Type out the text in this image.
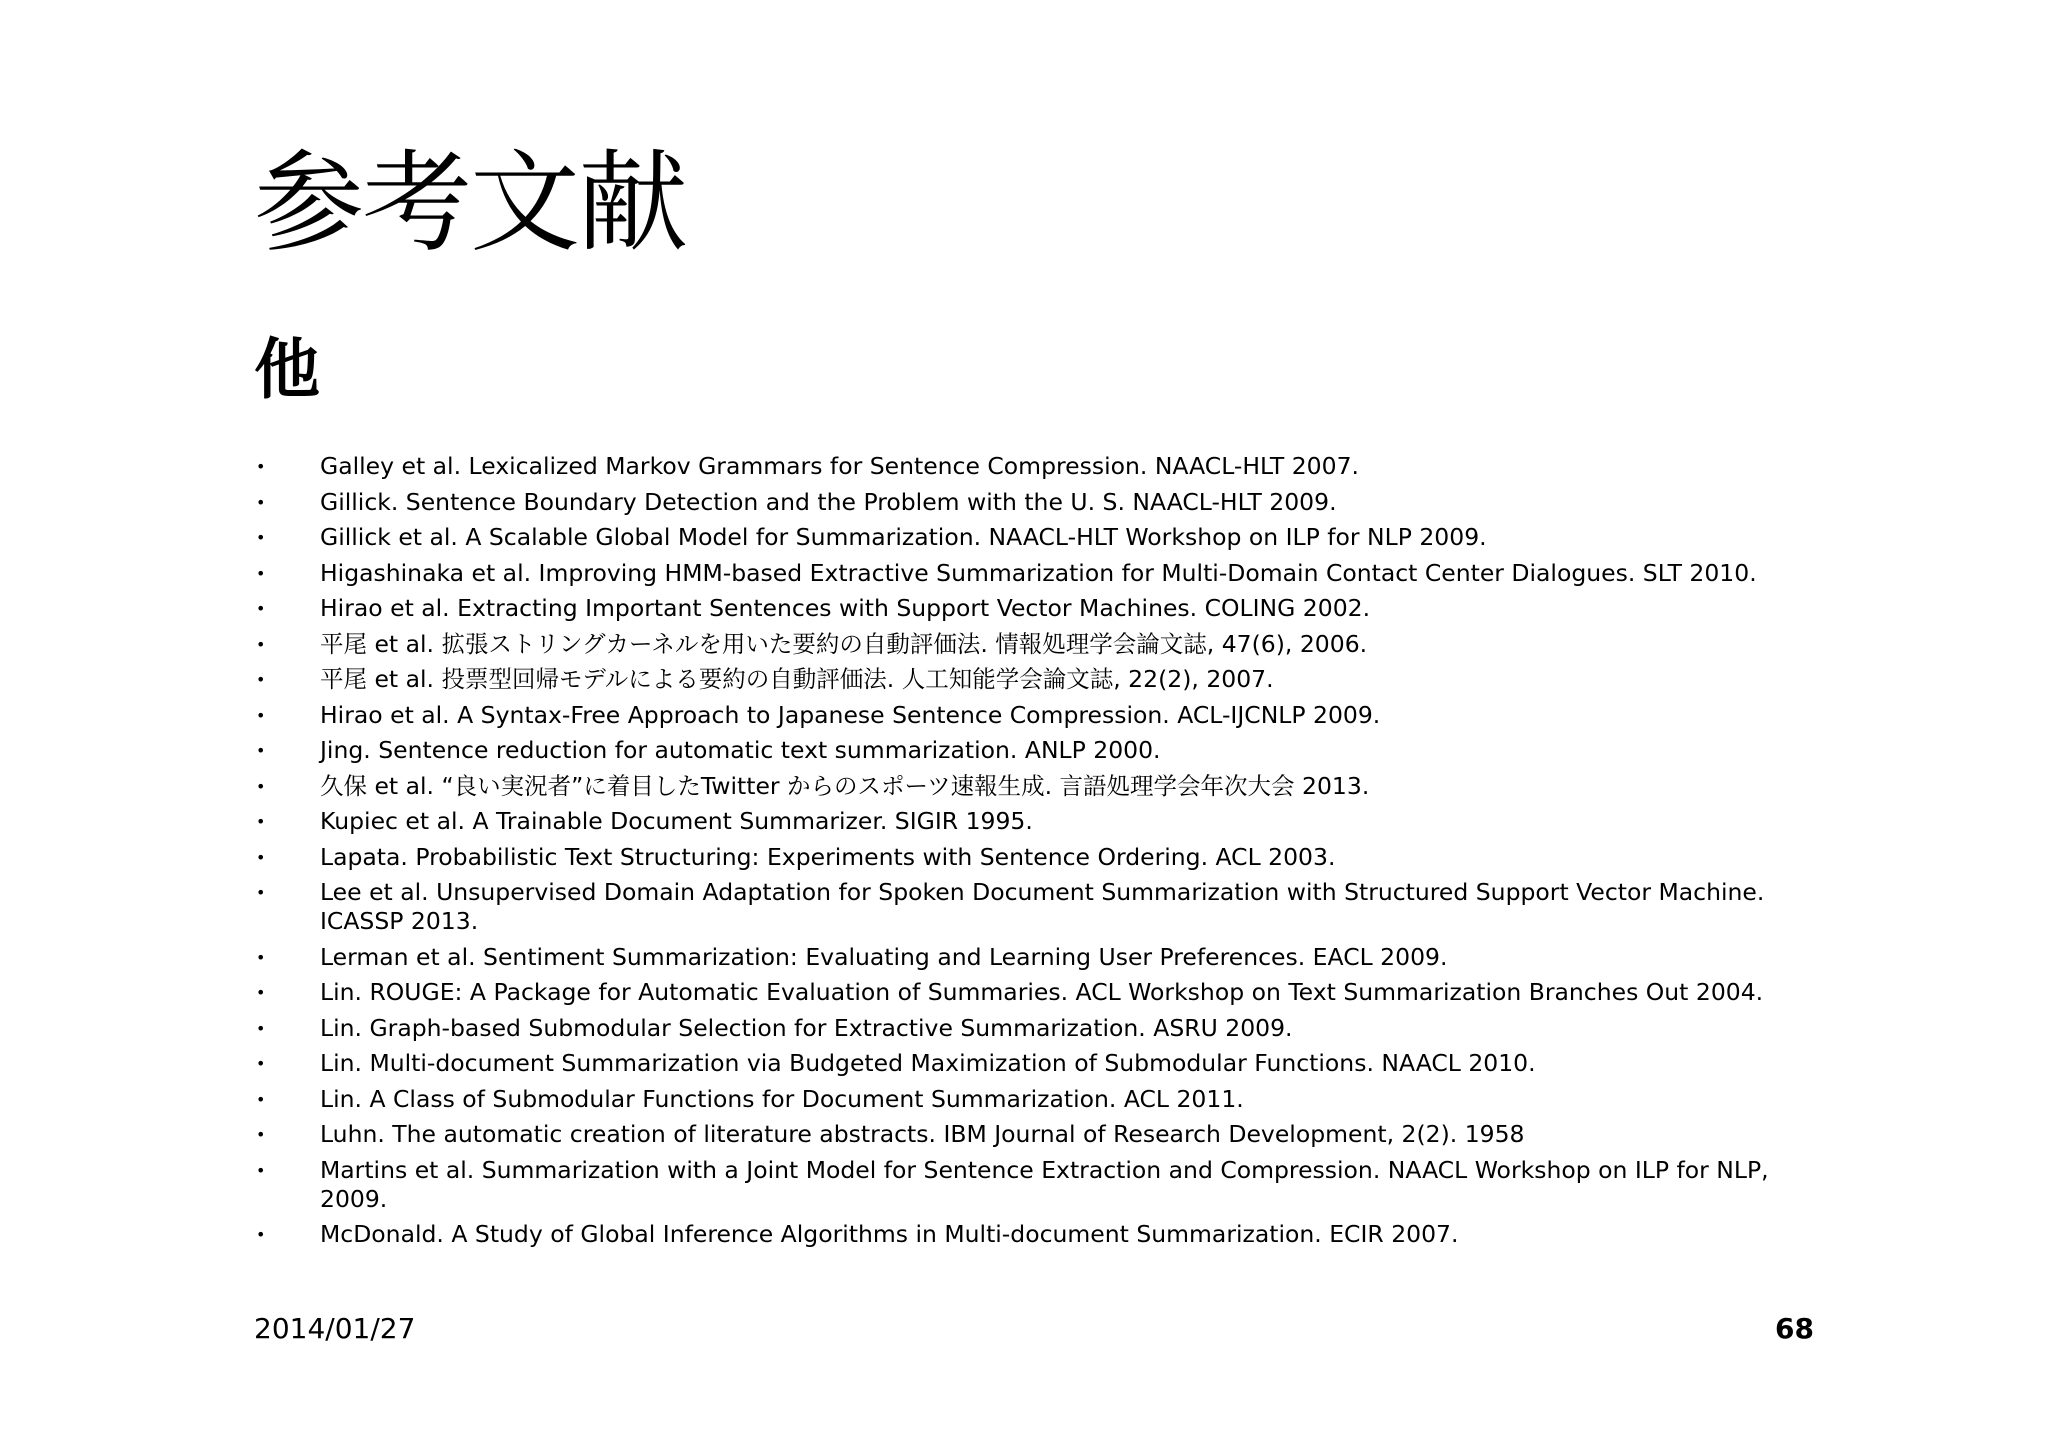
参考文献
他
•	Galley et al. Lexicalized Markov Grammars for Sentence Compression. NAACL-HLT 2007.
•	Gillick. Sentence Boundary Detection and the Problem with the U. S. NAACL-HLT 2009.
•	Gillick et al. A Scalable Global Model for Summarization. NAACL-HLT Workshop on ILP for NLP 2009.
•	Higashinaka et al. Improving HMM-based Extractive Summarization for Multi-Domain Contact Center Dialogues. SLT 2010.
•	Hirao et al. Extracting Important Sentences with Support Vector Machines. COLING 2002.
•	平尾 et al. 拡張ストリングカーネルを用いた要約の自動評価法. 情報処理学会論文誌, 47(6), 2006.
•	平尾 et al. 投票型回帰モデルによる要約の自動評価法. 人工知能学会論文誌, 22(2), 2007.
•	Hirao et al. A Syntax-Free Approach to Japanese Sentence Compression. ACL-IJCNLP 2009.
•	Jing. Sentence reduction for automatic text summarization. ANLP 2000.
•	久保 et al. “良い実況者”に着目したTwitter からのスポーツ速報生成. 言語処理学会年次大会 2013.
•	Kupiec et al. A Trainable Document Summarizer. SIGIR 1995.
•	Lapata. Probabilistic Text Structuring: Experiments with Sentence Ordering. ACL 2003.
•	Lee et al. Unsupervised Domain Adaptation for Spoken Document Summarization with Structured Support Vector Machine. ICASSP 2013.
•	Lerman et al. Sentiment Summarization: Evaluating and Learning User Preferences. EACL 2009.
•	Lin. ROUGE: A Package for Automatic Evaluation of Summaries. ACL Workshop on Text Summarization Branches Out 2004.
•	Lin. Graph-based Submodular Selection for Extractive Summarization. ASRU 2009.
•	Lin. Multi-document Summarization via Budgeted Maximization of Submodular Functions. NAACL 2010.
•	Lin. A Class of Submodular Functions for Document Summarization. ACL 2011.
•	Luhn. The automatic creation of literature abstracts. IBM Journal of Research Development, 2(2). 1958
•	Martins et al. Summarization with a Joint Model for Sentence Extraction and Compression. NAACL Workshop on ILP for NLP, 2009.
•	McDonald. A Study of Global Inference Algorithms in Multi-document Summarization. ECIR 2007.
2014/01/27	68
